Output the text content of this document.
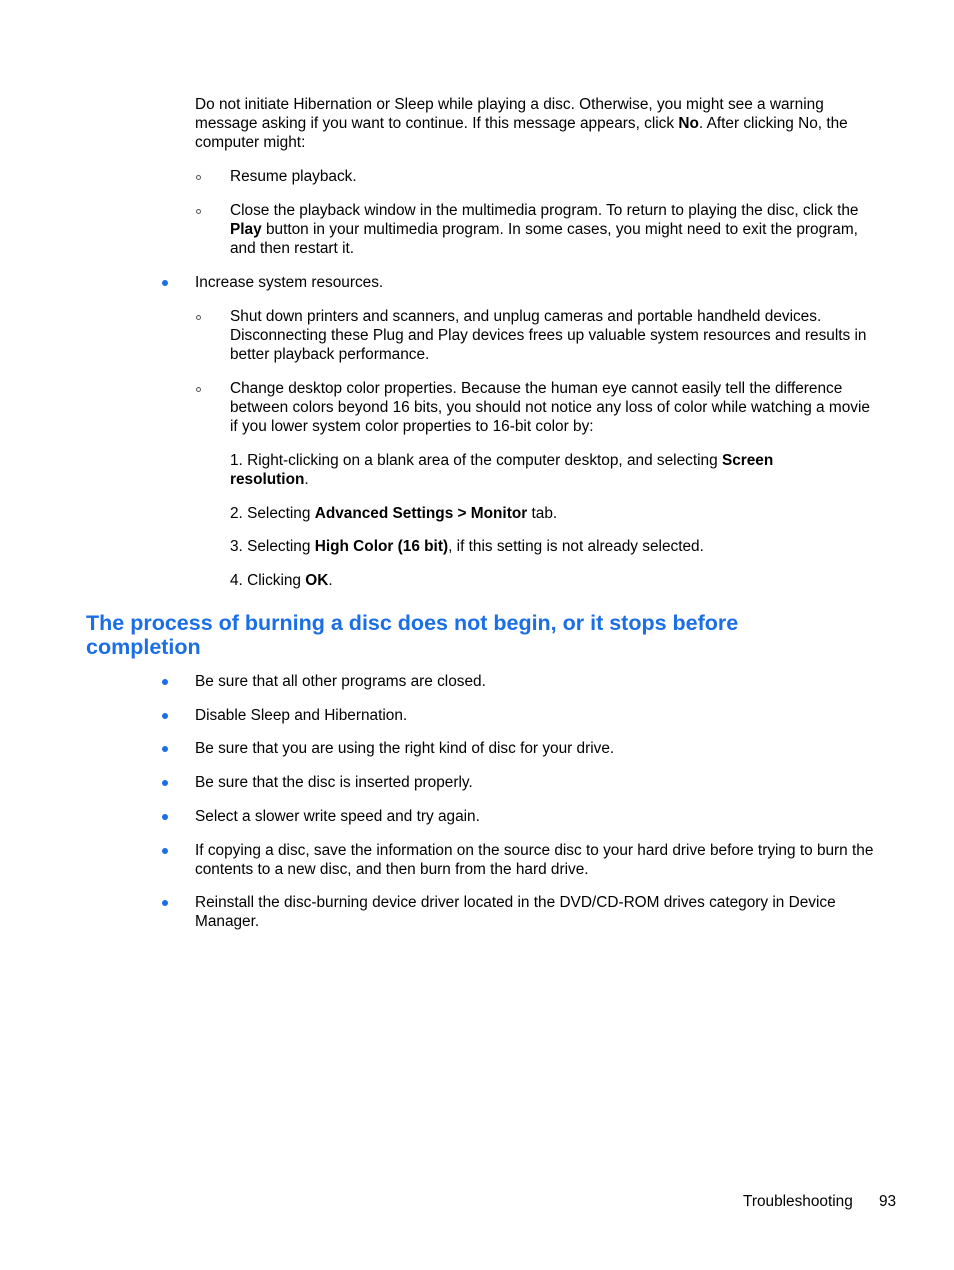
Do not initiate Hibernation or Sleep while playing a disc. Otherwise, you might see a warning message asking if you want to continue. If this message appears, click No. After clicking No, the computer might:

Resume playback.

Close the playback window in the multimedia program. To return to playing the disc, click the Play button in your multimedia program. In some cases, you might need to exit the program, and then restart it.

Increase system resources.

Shut down printers and scanners, and unplug cameras and portable handheld devices. Disconnecting these Plug and Play devices frees up valuable system resources and results in better playback performance.

Change desktop color properties. Because the human eye cannot easily tell the difference between colors beyond 16 bits, you should not notice any loss of color while watching a movie if you lower system color properties to 16-bit color by:

1. Right-clicking on a blank area of the computer desktop, and selecting Screen resolution.

2. Selecting Advanced Settings > Monitor tab.

3. Selecting High Color (16 bit), if this setting is not already selected.

4. Clicking OK.

The process of burning a disc does not begin, or it stops before completion

Be sure that all other programs are closed.

Disable Sleep and Hibernation.

Be sure that you are using the right kind of disc for your drive.

Be sure that the disc is inserted properly.

Select a slower write speed and try again.

If copying a disc, save the information on the source disc to your hard drive before trying to burn the contents to a new disc, and then burn from the hard drive.

Reinstall the disc-burning device driver located in the DVD/CD-ROM drives category in Device Manager.

Troubleshooting 93
